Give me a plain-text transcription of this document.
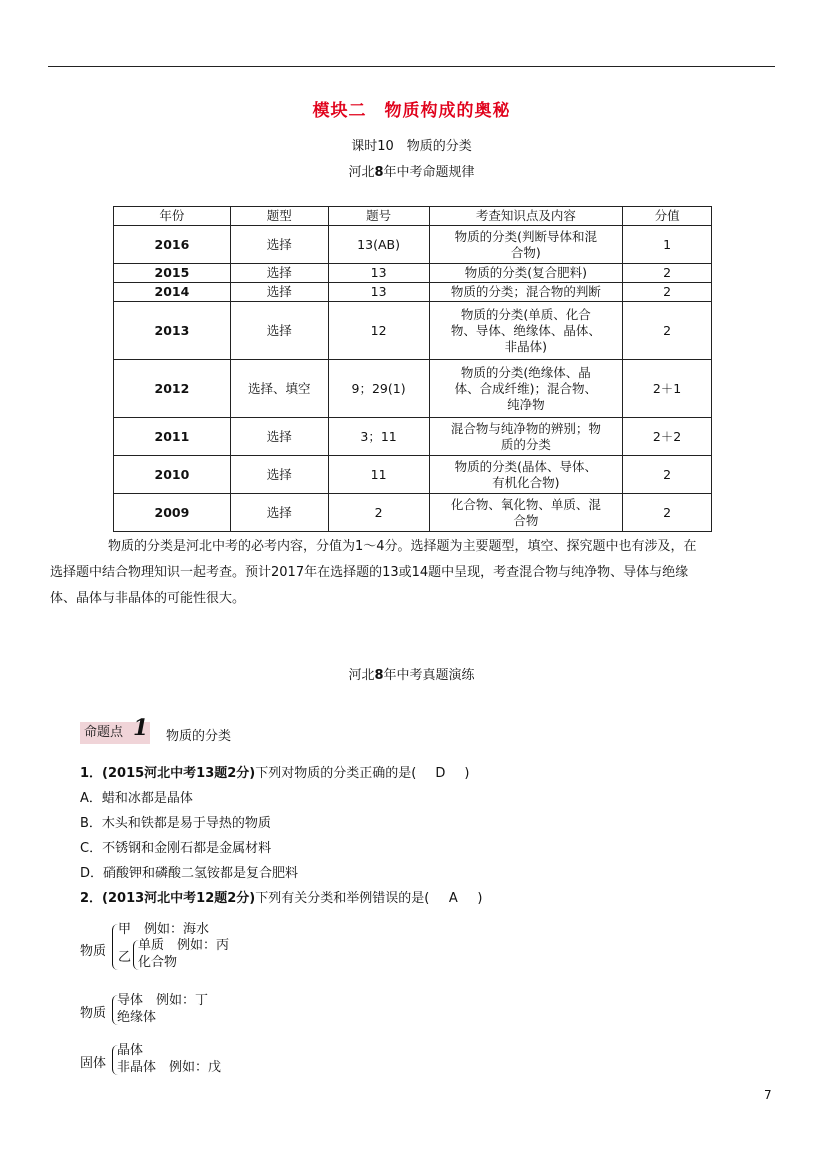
模块二　物质构成的奥秘
课时10　物质的分类
河北8年中考命题规律
年份	题型	题号	考查知识点及内容	分值
2016	选择	13(AB)	物质的分类(判断导体和混
合物)	1
2015	选择	13	物质的分类(复合肥料)	2
2014	选择	13	物质的分类；混合物的判断	2
2013	选择	12	物质的分类(单质、化合
物、导体、绝缘体、晶体、
非晶体)	2
2012	选择、填空	9；29(1)	物质的分类(绝缘体、晶
体、合成纤维)；混合物、
纯净物	2＋1
2011	选择	3；11	混合物与纯净物的辨别；物
质的分类	2＋2
2010	选择	11	物质的分类(晶体、导体、
有机化合物)	2
2009	选择	2	化合物、氧化物、单质、混
合物	2
物质的分类是河北中考的必考内容，分值为1～4分。选择题为主要题型，填空、探究题中也有涉及，在
选择题中结合物理知识一起考查。预计2017年在选择题的13或14题中呈现，考查混合物与纯净物、导体与绝缘
体、晶体与非晶体的可能性很大。
河北8年中考真题演练
命题点 1 物质的分类
1．(2015河北中考13题2分)下列对物质的分类正确的是( D )
A．蜡和冰都是晶体
B．木头和铁都是易于导热的物质
C．不锈钢和金刚石都是金属材料
D．硝酸钾和磷酸二氢铵都是复合肥料
2．(2013河北中考12题2分)下列有关分类和举例错误的是( A )
物质
甲　例如：海水
乙
单质　例如：丙
化合物
物质
导体　例如：丁
绝缘体
固体
晶体
非晶体　例如：戊
7
